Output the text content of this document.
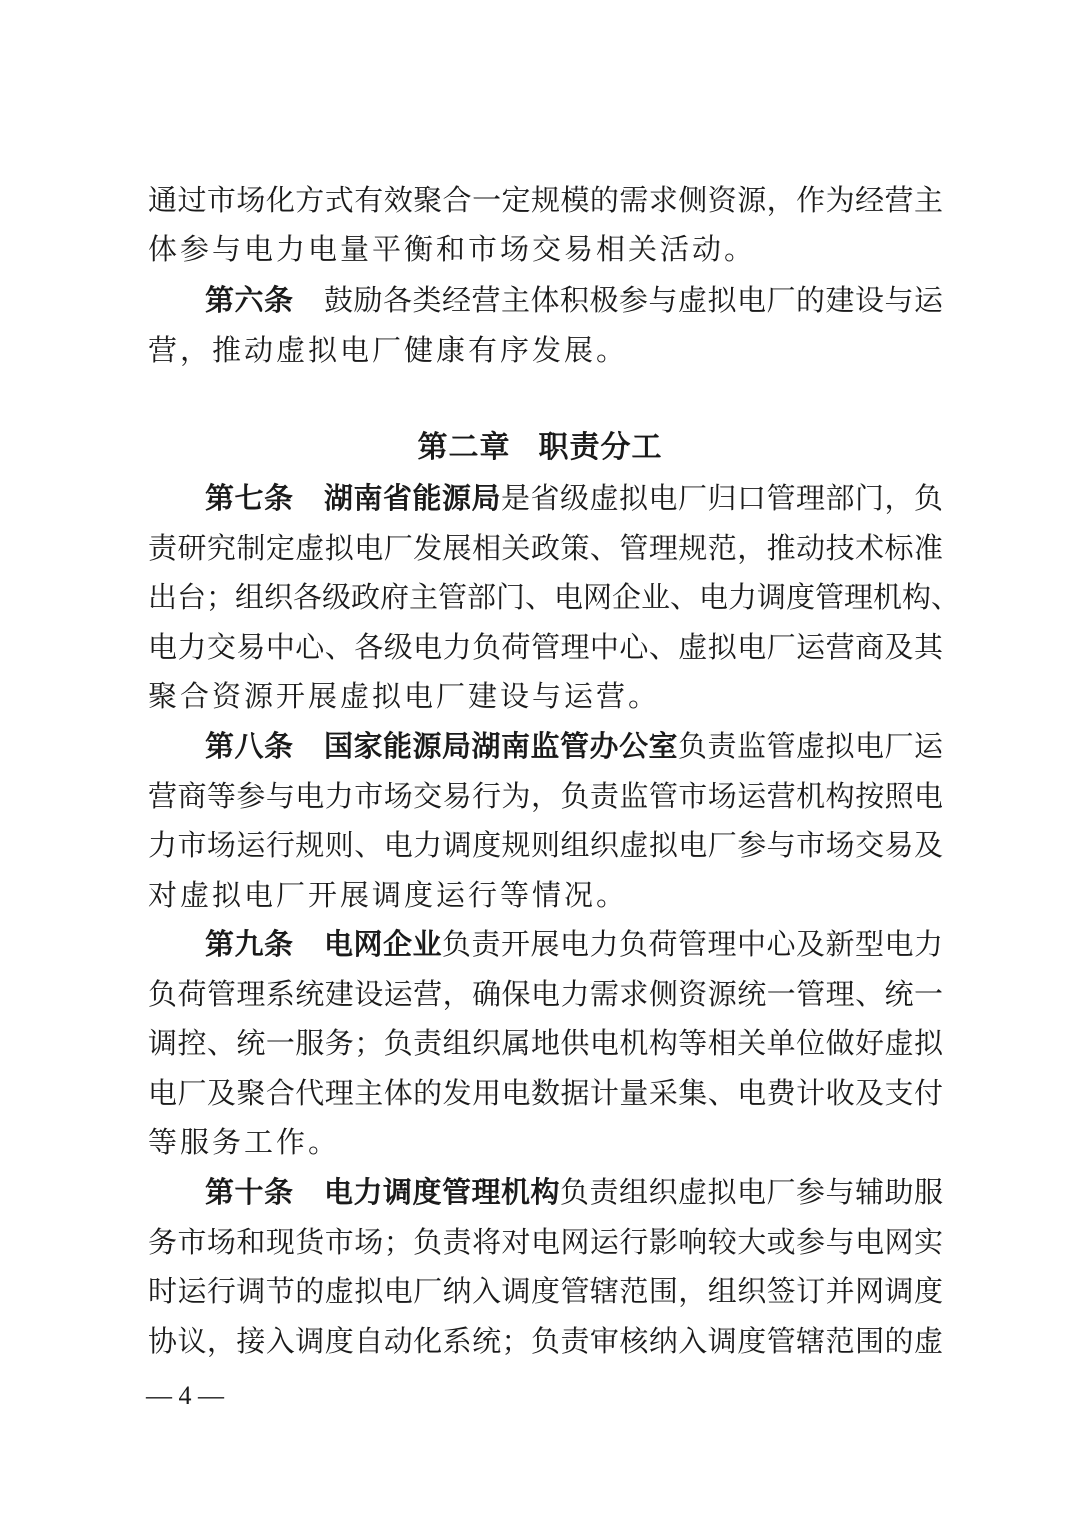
通过市场化方式有效聚合一定规模的需求侧资源，作为经营主
体参与电力电量平衡和市场交易相关活动。
第六条 鼓励各类经营主体积极参与虚拟电厂的建设与运
营，推动虚拟电厂健康有序发展。
第二章 职责分工
第七条 湖南省能源局是省级虚拟电厂归口管理部门，负
责研究制定虚拟电厂发展相关政策、管理规范，推动技术标准
出台；组织各级政府主管部门、电网企业、电力调度管理机构、
电力交易中心、各级电力负荷管理中心、虚拟电厂运营商及其
聚合资源开展虚拟电厂建设与运营。
第八条 国家能源局湖南监管办公室负责监管虚拟电厂运
营商等参与电力市场交易行为，负责监管市场运营机构按照电
力市场运行规则、电力调度规则组织虚拟电厂参与市场交易及
对虚拟电厂开展调度运行等情况。
第九条 电网企业负责开展电力负荷管理中心及新型电力
负荷管理系统建设运营，确保电力需求侧资源统一管理、统一
调控、统一服务；负责组织属地供电机构等相关单位做好虚拟
电厂及聚合代理主体的发用电数据计量采集、电费计收及支付
等服务工作。
第十条 电力调度管理机构负责组织虚拟电厂参与辅助服
务市场和现货市场；负责将对电网运行影响较大或参与电网实
时运行调节的虚拟电厂纳入调度管辖范围，组织签订并网调度
协议，接入调度自动化系统；负责审核纳入调度管辖范围的虚
— 4 —
